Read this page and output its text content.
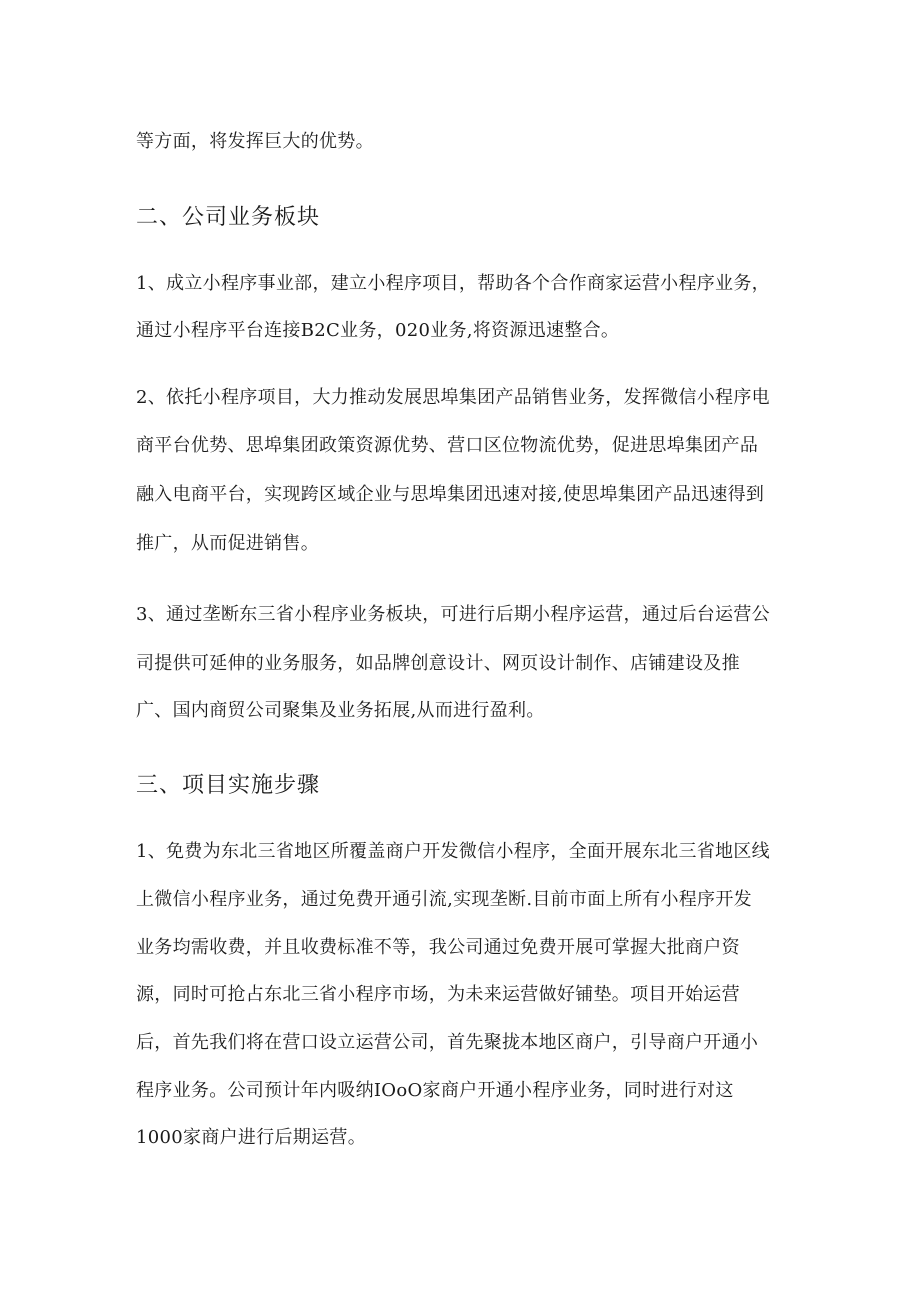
等方面，将发挥巨大的优势。
二、公司业务板块
1、成立小程序事业部，建立小程序项目，帮助各个合作商家运营小程序业务，
通过小程序平台连接B2C业务，020业务,将资源迅速整合。
2、依托小程序项目，大力推动发展思埠集团产品销售业务，发挥微信小程序电
商平台优势、思埠集团政策资源优势、营口区位物流优势，促进思埠集团产品
融入电商平台，实现跨区域企业与思埠集团迅速对接,使思埠集团产品迅速得到
推广，从而促进销售。
3、通过垄断东三省小程序业务板块，可进行后期小程序运营，通过后台运营公
司提供可延伸的业务服务，如品牌创意设计、网页设计制作、店铺建设及推
广、国内商贸公司聚集及业务拓展,从而进行盈利。
三、项目实施步骤
1、免费为东北三省地区所覆盖商户开发微信小程序，全面开展东北三省地区线
上微信小程序业务，通过免费开通引流,实现垄断.目前市面上所有小程序开发
业务均需收费，并且收费标准不等，我公司通过免费开展可掌握大批商户资
源，同时可抢占东北三省小程序市场，为未来运营做好铺垫。项目开始运营
后，首先我们将在营口设立运营公司，首先聚拢本地区商户，引导商户开通小
程序业务。公司预计年内吸纳IOoO家商户开通小程序业务，同时进行对这
1000家商户进行后期运营。
